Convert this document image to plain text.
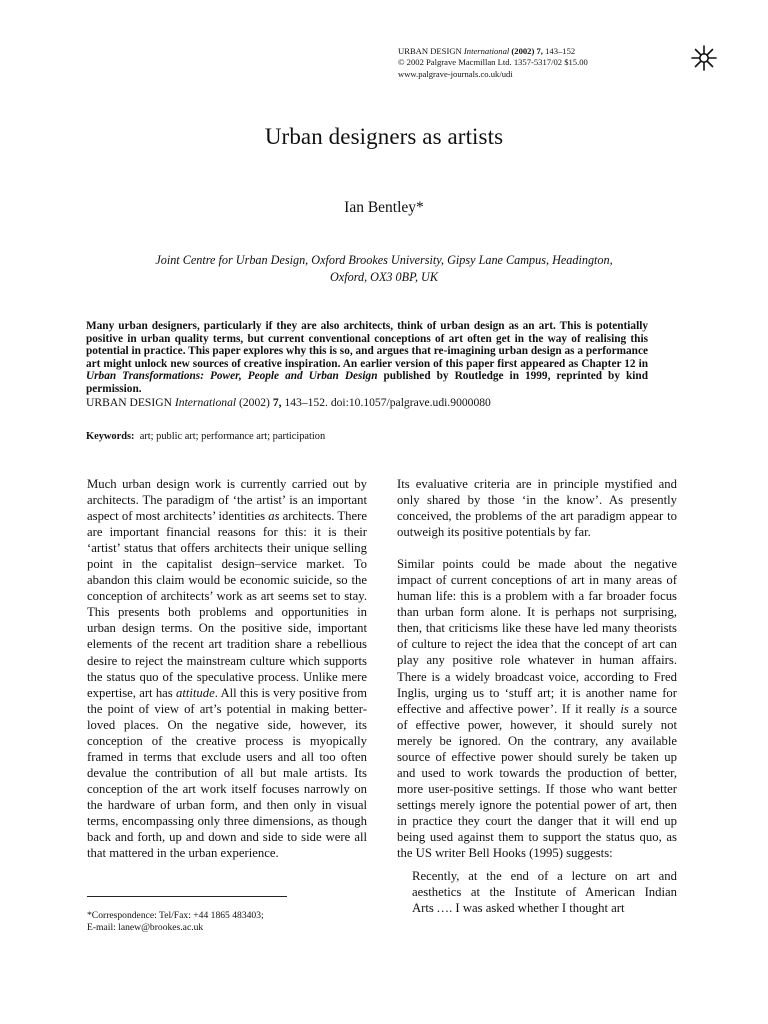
URBAN DESIGN International (2002) 7, 143–152
© 2002 Palgrave Macmillan Ltd. 1357-5317/02 $15.00
www.palgrave-journals.co.uk/udi
Urban designers as artists
Ian Bentley*
Joint Centre for Urban Design, Oxford Brookes University, Gipsy Lane Campus, Headington,
Oxford, OX3 0BP, UK

Many urban designers, particularly if they are also architects, think of urban design as an art. This is potentially positive in urban quality terms, but current conventional conceptions of art often get in the way of realising this potential in practice. This paper explores why this is so, and argues that re-imagining urban design as a performance art might unlock new sources of creative inspiration. An earlier version of this paper first appeared as Chapter 12 in Urban Transformations: Power, People and Urban Design published by Routledge in 1999, reprinted by kind permission.

URBAN DESIGN International (2002) 7, 143–152. doi:10.1057/palgrave.udi.9000080

Keywords: art; public art; performance art; participation

Much urban design work is currently carried out by architects. The paradigm of ‘the artist’ is an important aspect of most architects’ identities as architects. There are important financial reasons for this: it is their ‘artist’ status that offers architects their unique selling point in the capitalist design–service market. To abandon this claim would be economic suicide, so the conception of architects’ work as art seems set to stay. This presents both problems and opportunities in urban design terms. On the positive side, important elements of the recent art tradition share a rebellious desire to reject the mainstream culture which supports the status quo of the speculative process. Unlike mere expertise, art has attitude. All this is very positive from the point of view of art’s potential in making better-loved places. On the negative side, however, its conception of the creative process is myopically framed in terms that exclude users and all too often devalue the contribution of all but male artists. Its conception of the art work itself focuses narrowly on the hardware of urban form, and then only in visual terms, encompassing only three dimensions, as though back and forth, up and down and side to side were all that mattered in the urban experience.

Its evaluative criteria are in principle mystified and only shared by those ‘in the know’. As presently conceived, the problems of the art paradigm appear to outweigh its positive potentials by far.

Similar points could be made about the negative impact of current conceptions of art in many areas of human life: this is a problem with a far broader focus than urban form alone. It is perhaps not surprising, then, that criticisms like these have led many theorists of culture to reject the idea that the concept of art can play any positive role whatever in human affairs. There is a widely broadcast voice, according to Fred Inglis, urging us to ‘stuff art; it is another name for effective and affective power’. If it really is a source of effective power, however, it should surely not merely be ignored. On the contrary, any available source of effective power should surely be taken up and used to work towards the production of better, more user-positive settings. If those who want better settings merely ignore the potential power of art, then in practice they court the danger that it will end up being used against them to support the status quo, as the US writer Bell Hooks (1995) suggests:

Recently, at the end of a lecture on art and aesthetics at the Institute of American Indian Arts …. I was asked whether I thought art

*Correspondence: Tel/Fax: +44 1865 483403;
E-mail: lanew@brookes.ac.uk
